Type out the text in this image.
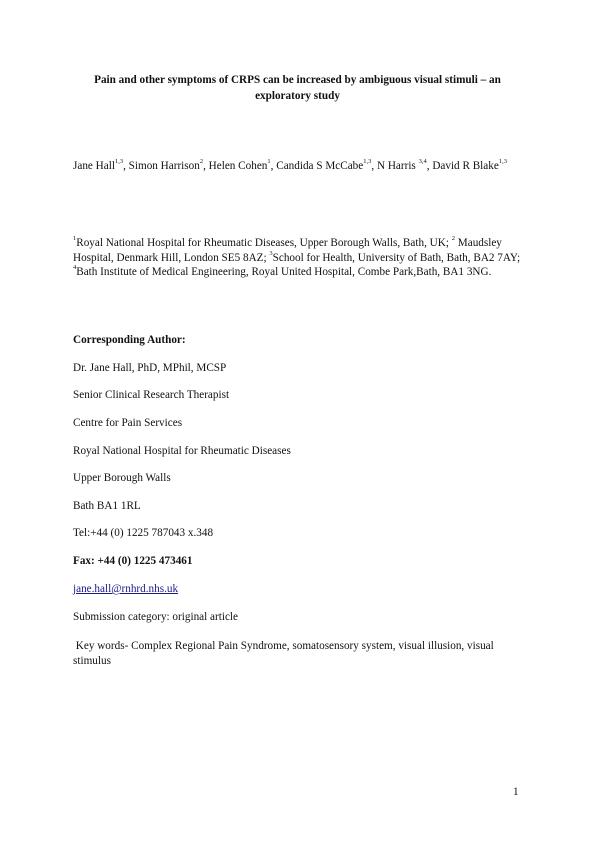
Pain and other symptoms of CRPS can be increased by ambiguous visual stimuli – an
exploratory study
Jane Hall$^{1,3}$, Simon Harrison$^2$, Helen Cohen$^1$, Candida S McCabe$^{1,3}$, N Harris $^{3,4}$, David R Blake$^{1,3}$
$^1$Royal National Hospital for Rheumatic Diseases, Upper Borough Walls, Bath, UK; $^2$ Maudsley Hospital, Denmark Hill, London SE5 8AZ; $^3$School for Health, University of Bath, Bath, BA2 7AY; $^4$Bath Institute of Medical Engineering, Royal United Hospital, Combe Park,Bath, BA1 3NG.
Corresponding Author:
Dr. Jane Hall, PhD, MPhil, MCSP
Senior Clinical Research Therapist
Centre for Pain Services
Royal National Hospital for Rheumatic Diseases
Upper Borough Walls
Bath BA1 1RL
Tel:+44 (0) 1225 787043 x.348
Fax: +44 (0) 1225 473461
jane.hall@rnhrd.nhs.uk
Submission category: original article
Key words- Complex Regional Pain Syndrome, somatosensory system, visual illusion, visual stimulus
1
